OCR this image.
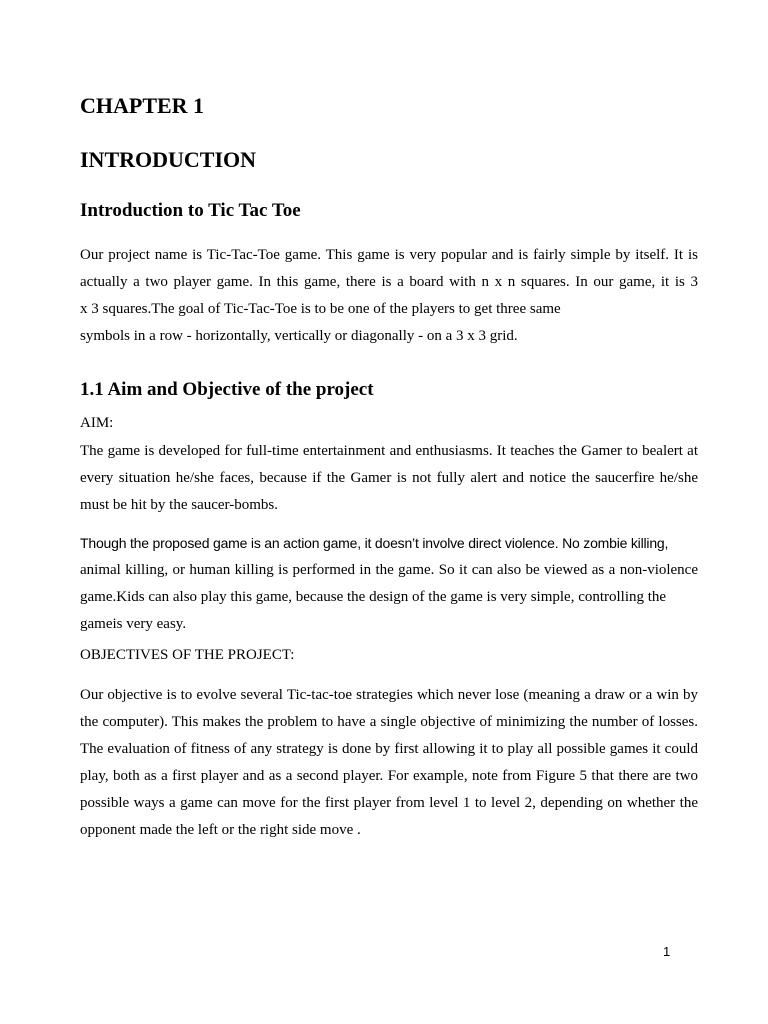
CHAPTER 1
INTRODUCTION
Introduction to Tic Tac Toe
Our project name is Tic-Tac-Toe game. This game is very popular and is fairly simple by itself. It is
actually a two player game. In this game, there is a board with n x n squares. In our game, it is 3
x 3 squares.The goal of Tic-Tac-Toe is to be one of the players to get three same
symbols in a row - horizontally, vertically or diagonally - on a 3 x 3 grid.
1.1 Aim and Objective of the project
AIM:
The game is developed for full-time entertainment and enthusiasms. It teaches the Gamer to bealert at
every situation he/she faces, because if the Gamer is not fully alert and notice the saucerfire he/she
must be hit by the saucer-bombs.
Though the proposed game is an action game, it doesn’t involve direct violence. No zombie killing,
animal killing, or human killing is performed in the game. So it can also be viewed as a non-violence
game.Kids can also play this game, because the design of the game is very simple, controlling the
gameis very easy.
OBJECTIVES OF THE PROJECT:
Our objective is to evolve several Tic-tac-toe strategies which never lose (meaning a draw or a win by
the computer). This makes the problem to have a single objective of minimizing the number of losses.
The evaluation of fitness of any strategy is done by first allowing it to play all possible games it could
play, both as a first player and as a second player. For example, note from Figure 5 that there are two
possible ways a game can move for the first player from level 1 to level 2, depending on whether the
opponent made the left or the right side move .
1
